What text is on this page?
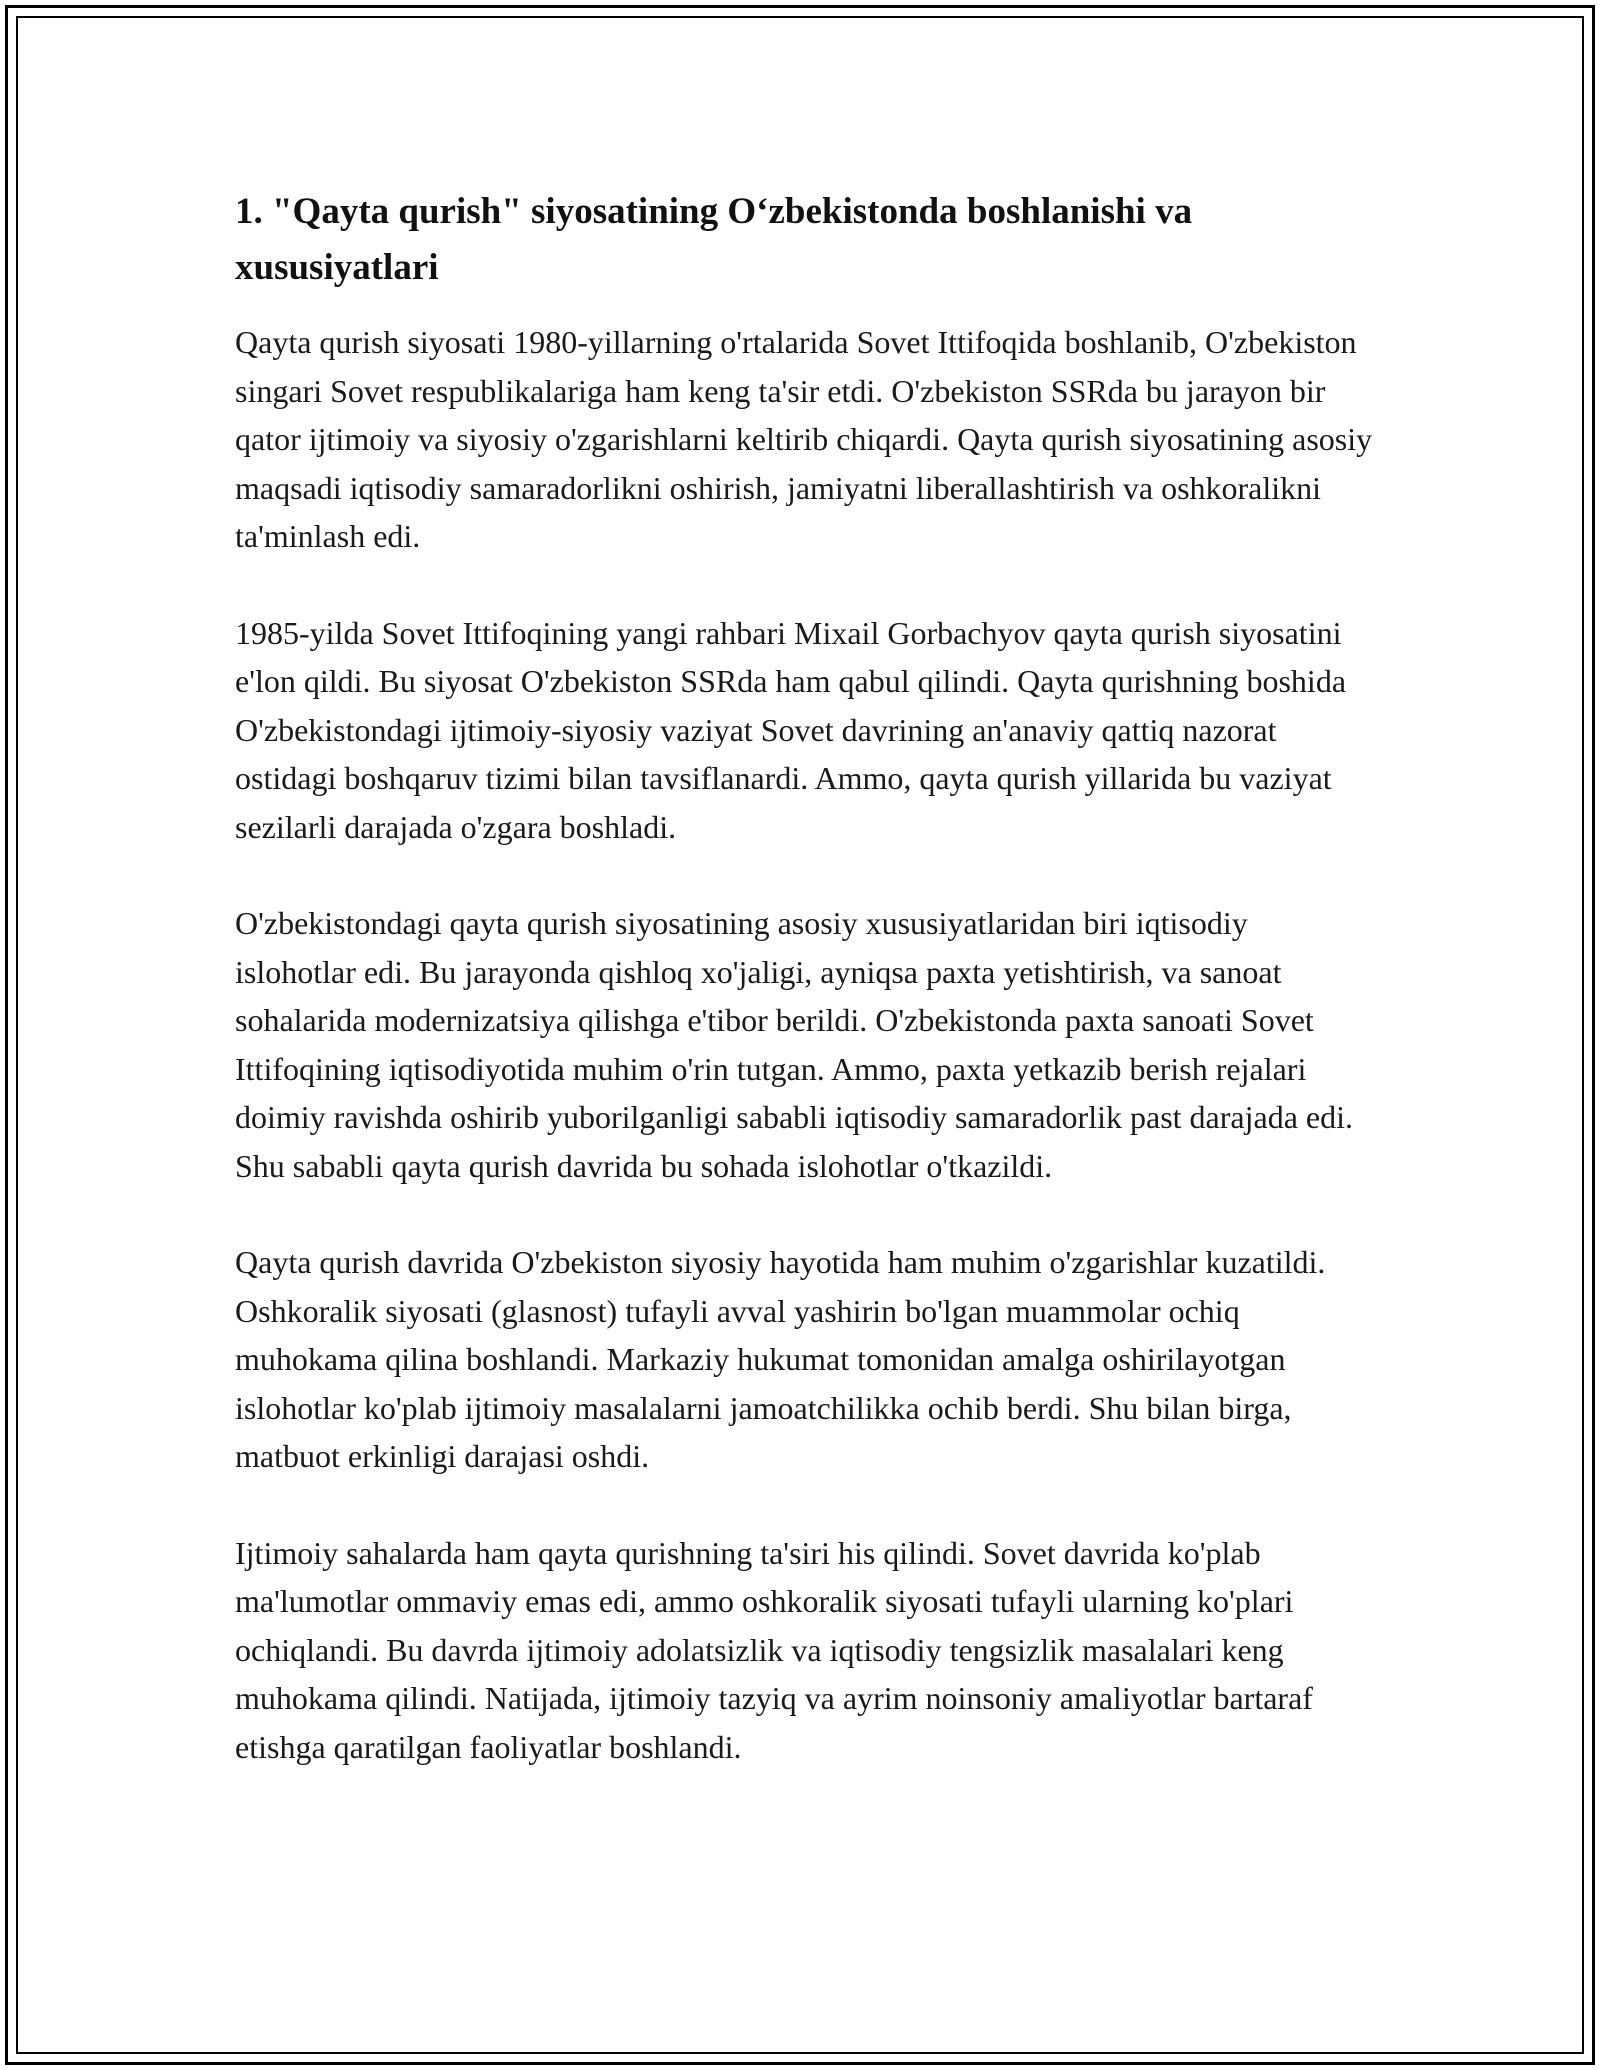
1. "Qayta qurish" siyosatining O‘zbekistonda boshlanishi va xususiyatlari

Qayta qurish siyosati 1980-yillarning o'rtalarida Sovet Ittifoqida boshlanib, O'zbekiston singari Sovet respublikalariga ham keng ta'sir etdi. O'zbekiston SSRda bu jarayon bir qator ijtimoiy va siyosiy o'zgarishlarni keltirib chiqardi. Qayta qurish siyosatining asosiy maqsadi iqtisodiy samaradorlikni oshirish, jamiyatni liberallashtirish va oshkoralikni ta'minlash edi.

1985-yilda Sovet Ittifoqining yangi rahbari Mixail Gorbachyov qayta qurish siyosatini e'lon qildi. Bu siyosat O'zbekiston SSRda ham qabul qilindi. Qayta qurishning boshida O'zbekistondagi ijtimoiy-siyosiy vaziyat Sovet davrining an'anaviy qattiq nazorat ostidagi boshqaruv tizimi bilan tavsiflanardi. Ammo, qayta qurish yillarida bu vaziyat sezilarli darajada o'zgara boshladi.

O'zbekistondagi qayta qurish siyosatining asosiy xususiyatlaridan biri iqtisodiy islohotlar edi. Bu jarayonda qishloq xo'jaligi, ayniqsa paxta yetishtirish, va sanoat sohalarida modernizatsiya qilishga e'tibor berildi. O'zbekistonda paxta sanoati Sovet Ittifoqining iqtisodiyotida muhim o'rin tutgan. Ammo, paxta yetkazib berish rejalari doimiy ravishda oshirib yuborilganligi sababli iqtisodiy samaradorlik past darajada edi. Shu sababli qayta qurish davrida bu sohada islohotlar o'tkazildi.

Qayta qurish davrida O'zbekiston siyosiy hayotida ham muhim o'zgarishlar kuzatildi. Oshkoralik siyosati (glasnost) tufayli avval yashirin bo'lgan muammolar ochiq muhokama qilina boshlandi. Markaziy hukumat tomonidan amalga oshirilayotgan islohotlar ko'plab ijtimoiy masalalarni jamoatchilikka ochib berdi. Shu bilan birga, matbuot erkinligi darajasi oshdi.

Ijtimoiy sahalarda ham qayta qurishning ta'siri his qilindi. Sovet davrida ko'plab ma'lumotlar ommaviy emas edi, ammo oshkoralik siyosati tufayli ularning ko'plari ochiqlandi. Bu davrda ijtimoiy adolatsizlik va iqtisodiy tengsizlik masalalari keng muhokama qilindi. Natijada, ijtimoiy tazyiq va ayrim noinsoniy amaliyotlar bartaraf etishga qaratilgan faoliyatlar boshlandi.
